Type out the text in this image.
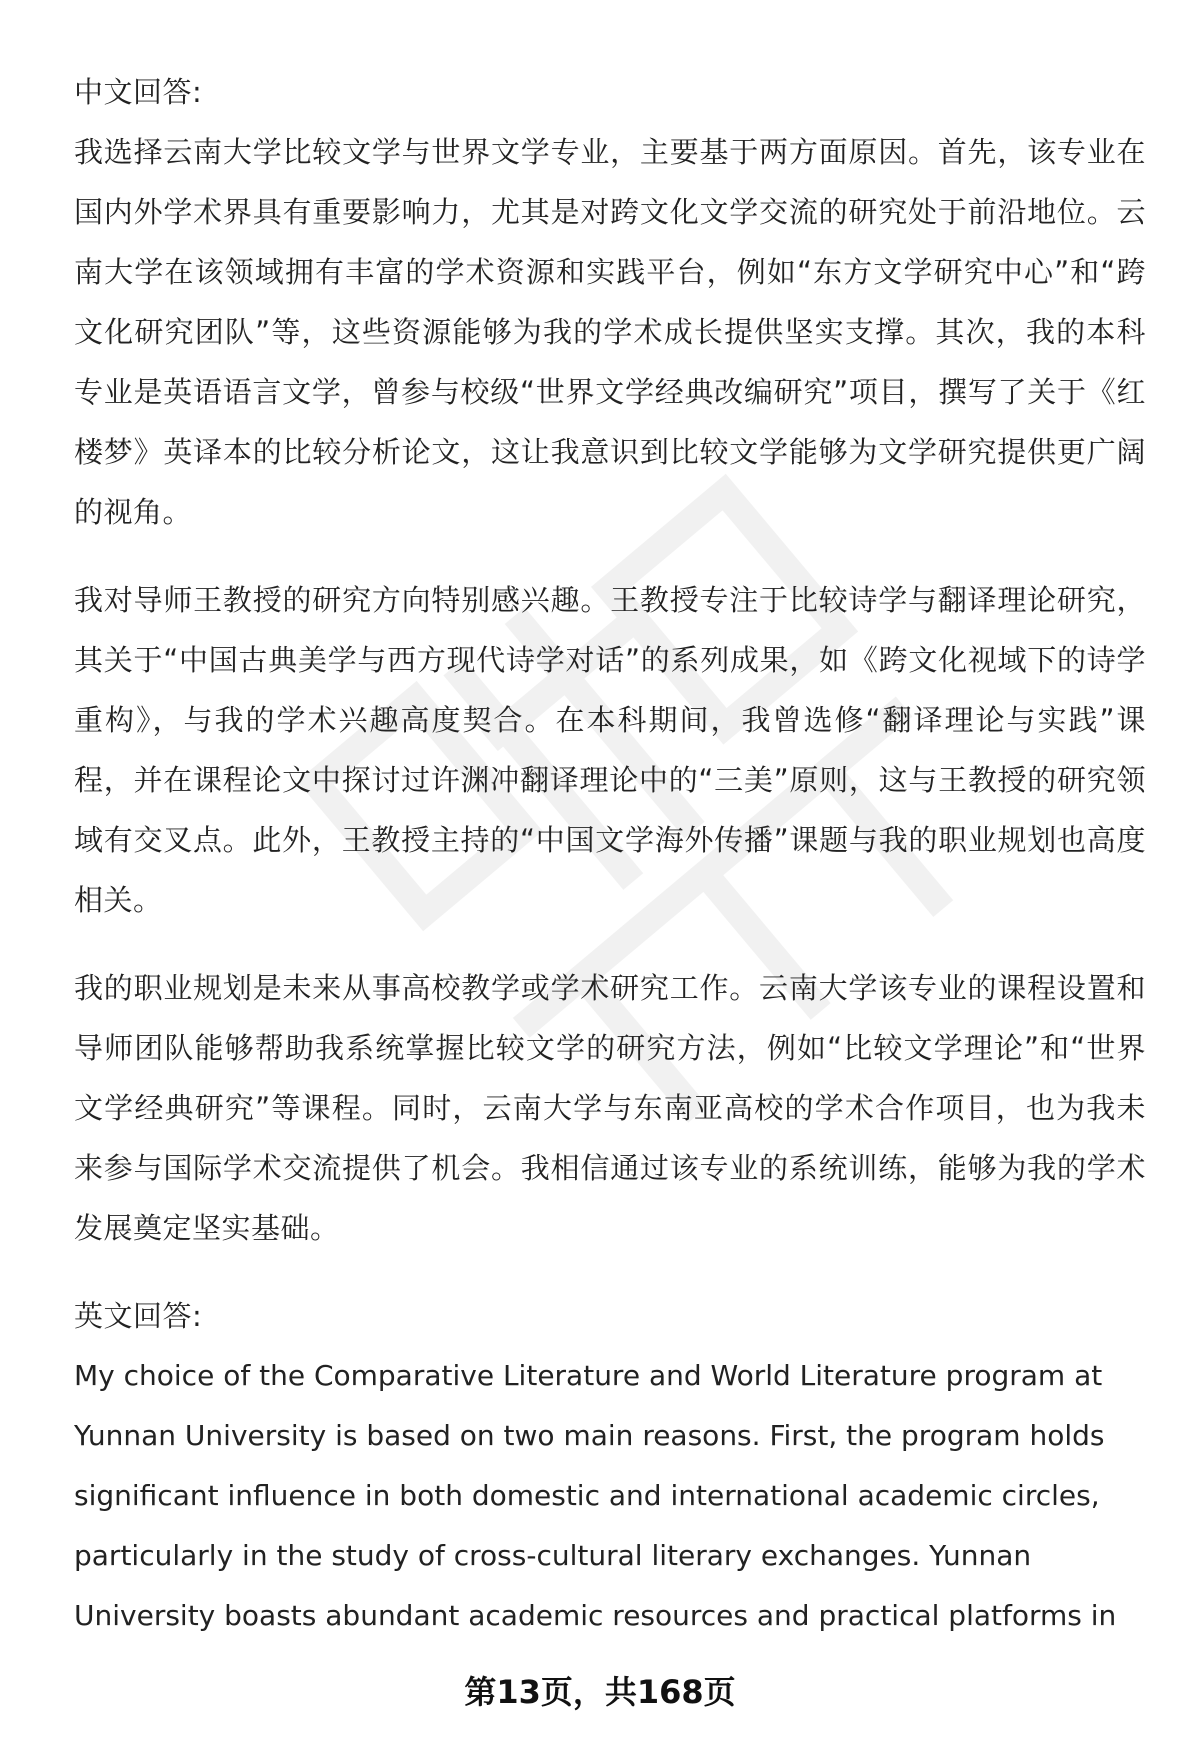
中文回答:

我选择云南大学比较文学与世界文学专业，主要基于两方面原因。首先，该专业在国内外学术界具有重要影响力，尤其是对跨文化文学交流的研究处于前沿地位。云南大学在该领域拥有丰富的学术资源和实践平台，例如“东方文学研究中心”和“跨文化研究团队”等，这些资源能够为我的学术成长提供坚实支撑。其次，我的本科专业是英语语言文学，曾参与校级“世界文学经典改编研究”项目，撰写了关于《红楼梦》英译本的比较分析论文，这让我意识到比较文学能够为文学研究提供更广阔的视角。

我对导师王教授的研究方向特别感兴趣。王教授专注于比较诗学与翻译理论研究，其关于“中国古典美学与西方现代诗学对话”的系列成果，如《跨文化视域下的诗学重构》，与我的学术兴趣高度契合。在本科期间，我曾选修“翻译理论与实践”课程，并在课程论文中探讨过许渊冲翻译理论中的“三美”原则，这与王教授的研究领域有交叉点。此外，王教授主持的“中国文学海外传播”课题与我的职业规划也高度相关。

我的职业规划是未来从事高校教学或学术研究工作。云南大学该专业的课程设置和导师团队能够帮助我系统掌握比较文学的研究方法，例如“比较文学理论”和“世界文学经典研究”等课程。同时，云南大学与东南亚高校的学术合作项目，也为我未来参与国际学术交流提供了机会。我相信通过该专业的系统训练，能够为我的学术发展奠定坚实基础。

英文回答:

My choice of the Comparative Literature and World Literature program at Yunnan University is based on two main reasons. First, the program holds significant influence in both domestic and international academic circles, particularly in the study of cross-cultural literary exchanges. Yunnan University boasts abundant academic resources and practical platforms in

第13页，共168页
